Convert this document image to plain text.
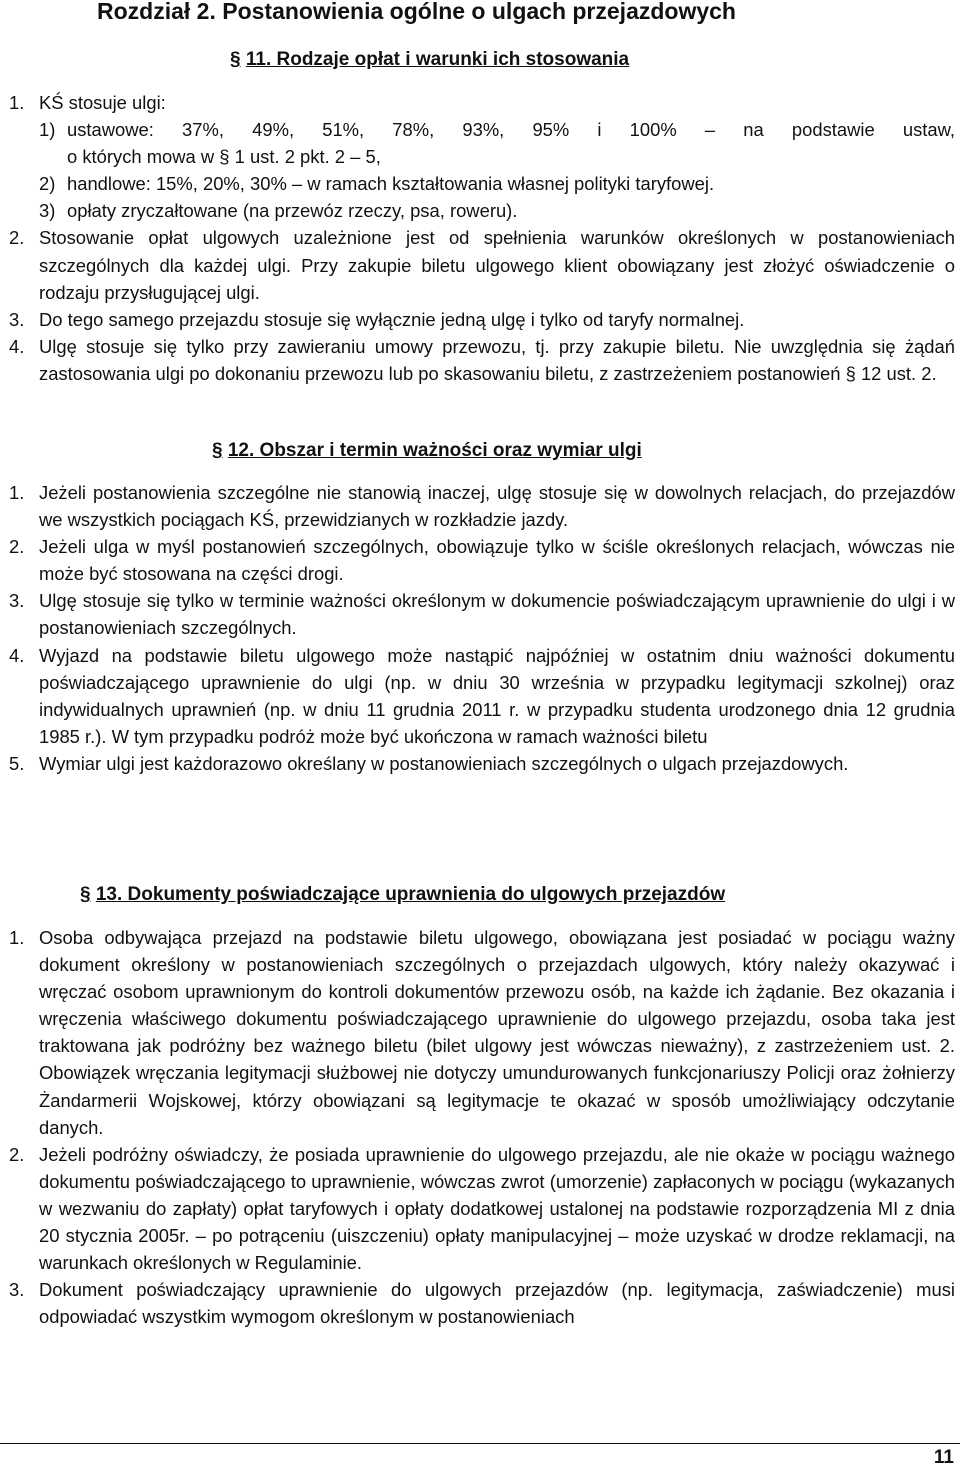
Rozdział 2. Postanowienia ogólne o ulgach przejazdowych
§ 11. Rodzaje opłat i warunki ich stosowania
1. KŚ stosuje ulgi:
1) ustawowe: 37%, 49%, 51%, 78%, 93%, 95% i 100% – na podstawie ustaw,
o których mowa w § 1 ust. 2 pkt. 2 – 5,
2) handlowe: 15%, 20%, 30% – w ramach kształtowania własnej polityki taryfowej.
3) opłaty zryczałtowane (na przewóz rzeczy, psa, roweru).
2. Stosowanie opłat ulgowych uzależnione jest od spełnienia warunków określonych w postanowieniach szczególnych dla każdej ulgi. Przy zakupie biletu ulgowego klient obowiązany jest złożyć oświadczenie o rodzaju przysługującej ulgi.
3. Do tego samego przejazdu stosuje się wyłącznie jedną ulgę i tylko od taryfy normalnej.
4. Ulgę stosuje się tylko przy zawieraniu umowy przewozu, tj. przy zakupie biletu. Nie uwzględnia się żądań zastosowania ulgi po dokonaniu przewozu lub po skasowaniu biletu, z zastrzeżeniem postanowień § 12 ust. 2.
§ 12. Obszar i termin ważności oraz wymiar ulgi
1. Jeżeli postanowienia szczególne nie stanowią inaczej, ulgę stosuje się w dowolnych relacjach, do przejazdów we wszystkich pociągach KŚ, przewidzianych w rozkładzie jazdy.
2. Jeżeli ulga w myśl postanowień szczególnych, obowiązuje tylko w ściśle określonych relacjach, wówczas nie może być stosowana na części drogi.
3. Ulgę stosuje się tylko w terminie ważności określonym w dokumencie poświadczającym uprawnienie do ulgi i w postanowieniach szczególnych.
4. Wyjazd na podstawie biletu ulgowego może nastąpić najpóźniej w ostatnim dniu ważności dokumentu poświadczającego uprawnienie do ulgi (np. w dniu 30 września w przypadku legitymacji szkolnej) oraz indywidualnych uprawnień (np. w dniu 11 grudnia 2011 r. w przypadku studenta urodzonego dnia 12 grudnia 1985 r.). W tym przypadku podróż może być ukończona w ramach ważności biletu
5. Wymiar ulgi jest każdorazowo określany w postanowieniach szczególnych o ulgach przejazdowych.
§ 13. Dokumenty poświadczające uprawnienia do ulgowych przejazdów
1. Osoba odbywająca przejazd na podstawie biletu ulgowego, obowiązana jest posiadać w pociągu ważny dokument określony w postanowieniach szczególnych o przejazdach ulgowych, który należy okazywać i wręczać osobom uprawnionym do kontroli dokumentów przewozu osób, na każde ich żądanie. Bez okazania i wręczenia właściwego dokumentu poświadczającego uprawnienie do ulgowego przejazdu, osoba taka jest traktowana jak podróżny bez ważnego biletu (bilet ulgowy jest wówczas nieważny), z zastrzeżeniem ust. 2. Obowiązek wręczania legitymacji służbowej nie dotyczy umundurowanych funkcjonariuszy Policji oraz żołnierzy Żandarmerii Wojskowej, którzy obowiązani są legitymacje te okazać w sposób umożliwiający odczytanie danych.
2. Jeżeli podróżny oświadczy, że posiada uprawnienie do ulgowego przejazdu, ale nie okaże w pociągu ważnego dokumentu poświadczającego to uprawnienie, wówczas zwrot (umorzenie) zapłaconych w pociągu (wykazanych w wezwaniu do zapłaty) opłat taryfowych i opłaty dodatkowej ustalonej na podstawie rozporządzenia MI z dnia 20 stycznia 2005r. – po potrąceniu (uiszczeniu) opłaty manipulacyjnej – może uzyskać w drodze reklamacji, na warunkach określonych w Regulaminie.
3. Dokument poświadczający uprawnienie do ulgowych przejazdów (np. legitymacja, zaświadczenie) musi odpowiadać wszystkim wymogom określonym w postanowieniach
11
